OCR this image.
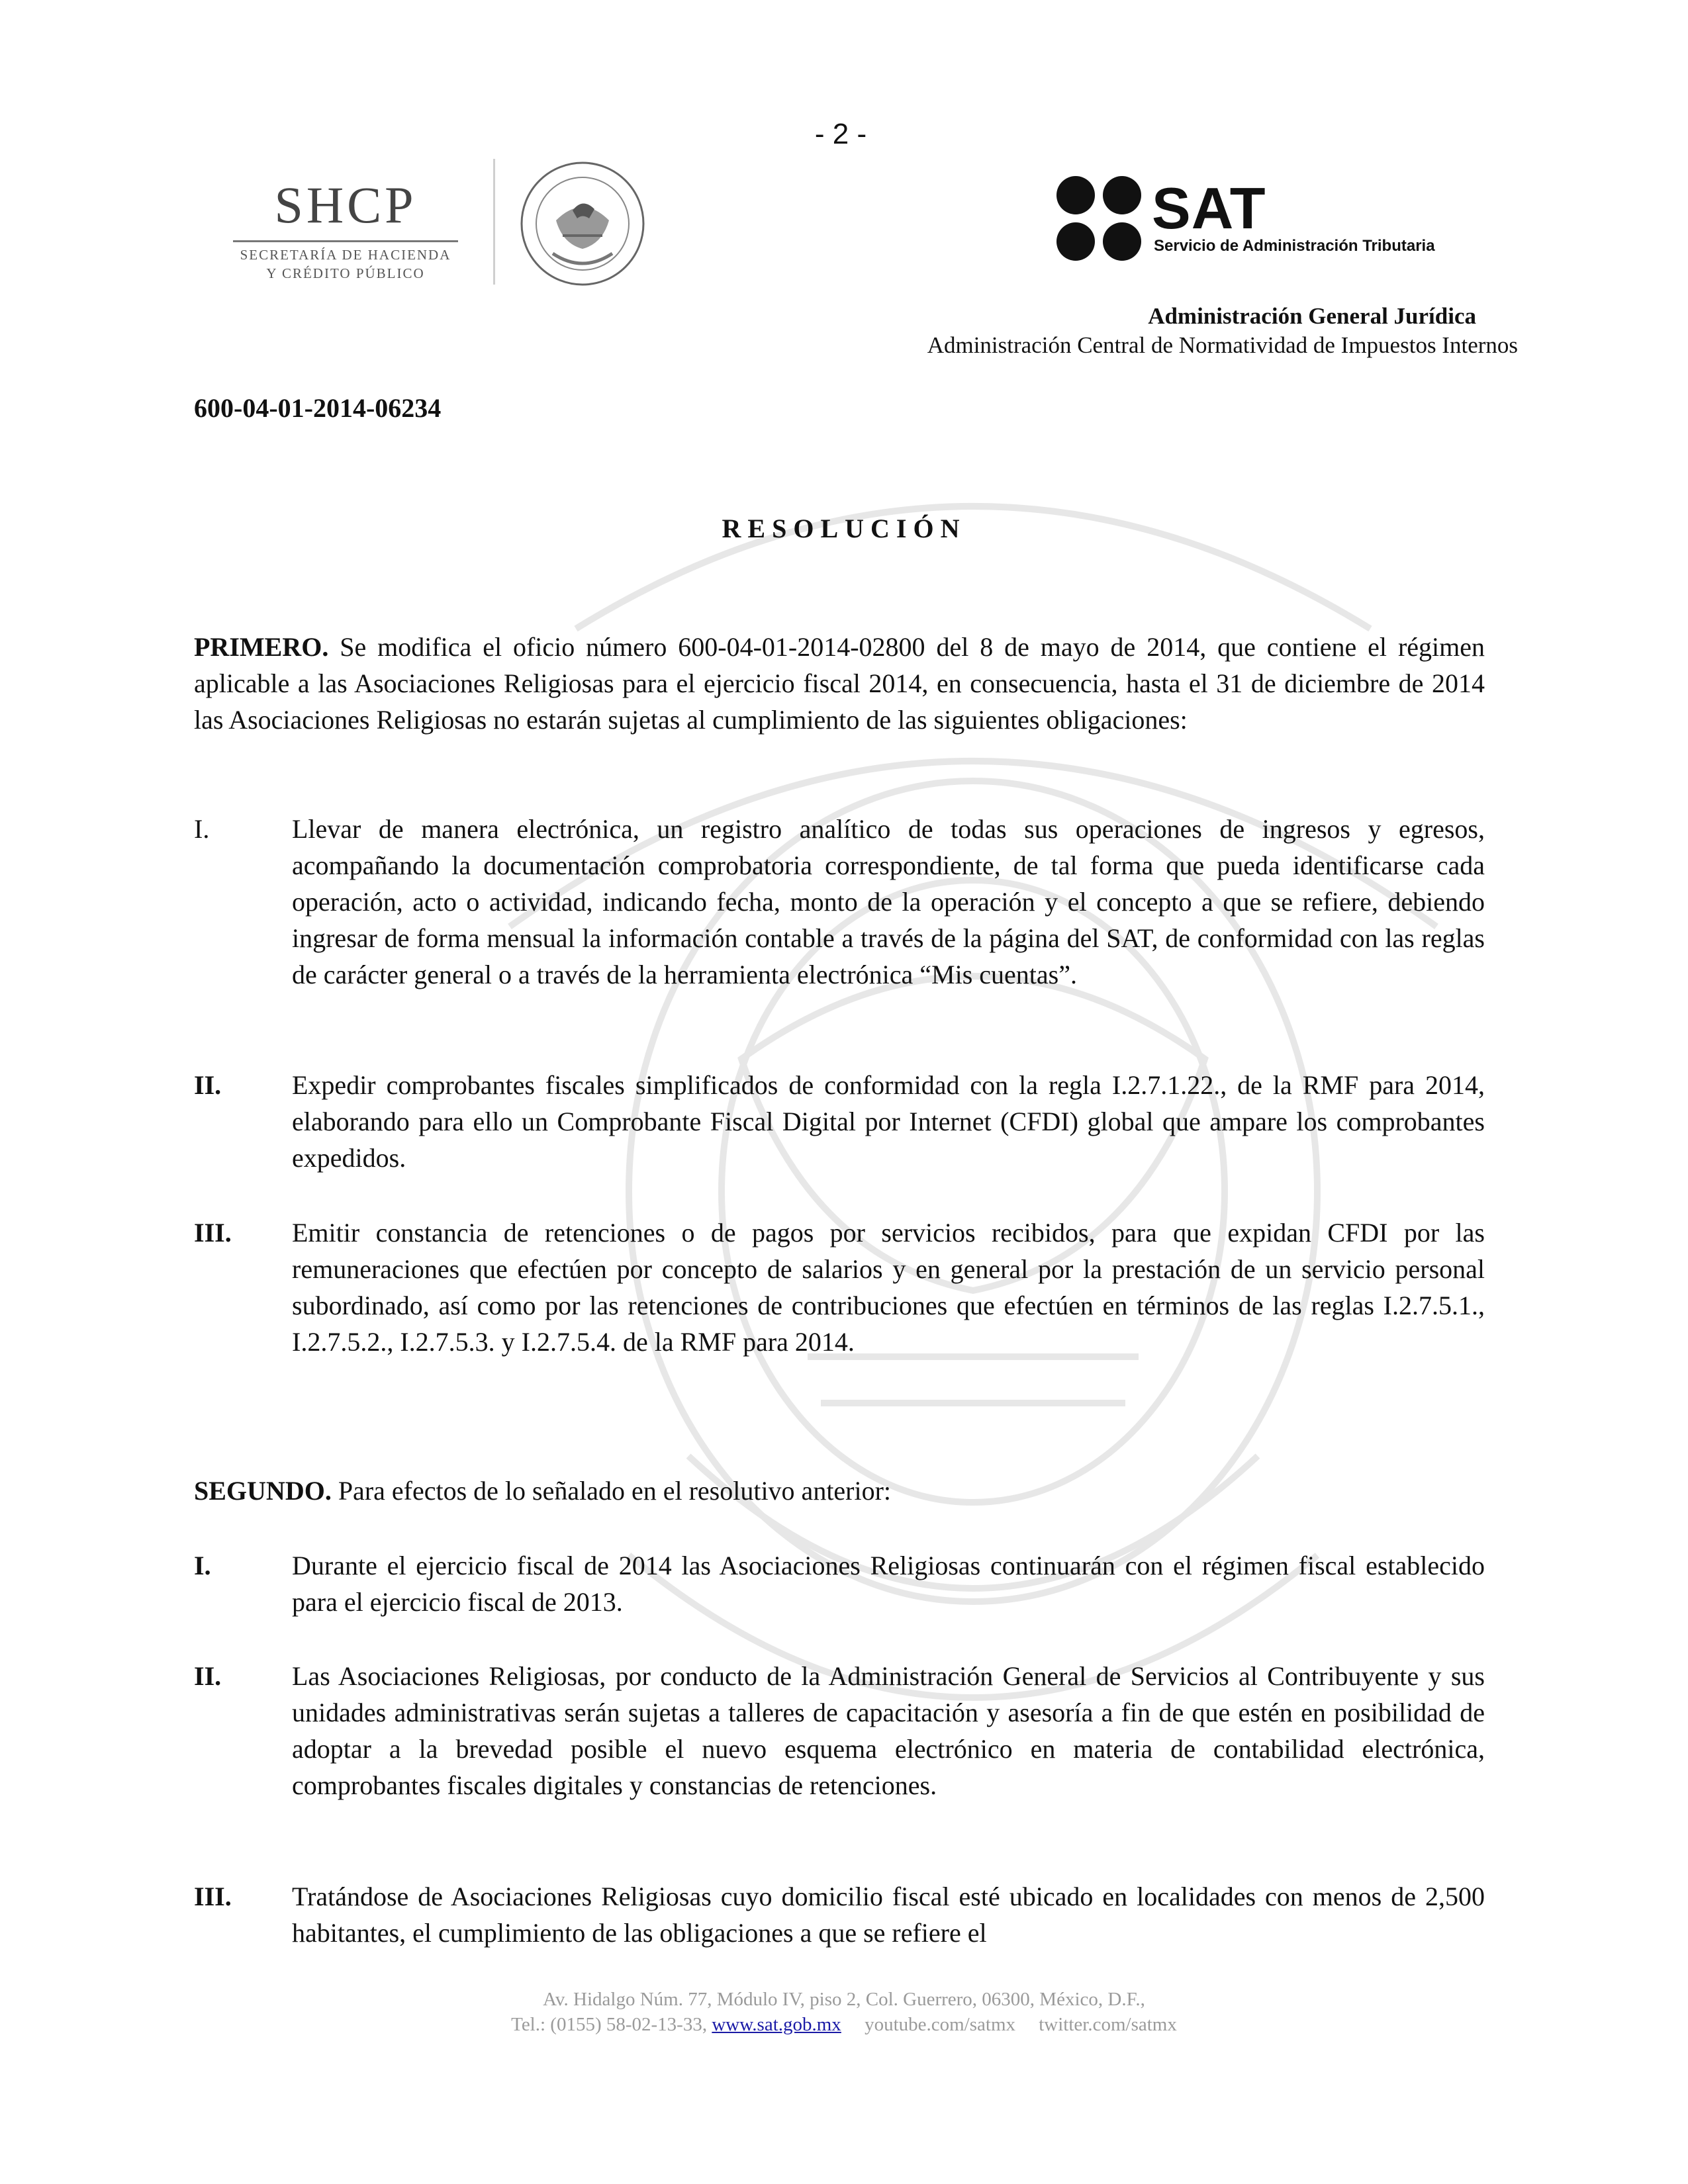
- 2 -
SHCP
SECRETARÍA DE HACIENDA
Y CRÉDITO PÚBLICO
SAT
Servicio de Administración Tributaria
Administración General Jurídica
Administración Central de Normatividad de Impuestos Internos
600-04-01-2014-06234
RESOLUCIÓN
PRIMERO. Se modifica el oficio número 600-04-01-2014-02800 del 8 de mayo de 2014, que contiene el régimen aplicable a las Asociaciones Religiosas para el ejercicio fiscal 2014, en consecuencia, hasta el 31 de diciembre de 2014 las Asociaciones Religiosas no estarán sujetas al cumplimiento de las siguientes obligaciones:
I.	Llevar de manera electrónica, un registro analítico de todas sus operaciones de ingresos y egresos, acompañando la documentación comprobatoria correspondiente, de tal forma que pueda identificarse cada operación, acto o actividad, indicando fecha, monto de la operación y el concepto a que se refiere, debiendo ingresar de forma mensual la información contable a través de la página del SAT, de conformidad con las reglas de carácter general o a través de la herramienta electrónica “Mis cuentas”.
II.	Expedir comprobantes fiscales simplificados de conformidad con la regla I.2.7.1.22., de la RMF para 2014, elaborando para ello un Comprobante Fiscal Digital por Internet (CFDI) global que ampare los comprobantes expedidos.
III.	Emitir constancia de retenciones o de pagos por servicios recibidos, para que expidan CFDI por las remuneraciones que efectúen por concepto de salarios y en general por la prestación de un servicio personal subordinado, así como por las retenciones de contribuciones que efectúen en términos de las reglas I.2.7.5.1., I.2.7.5.2., I.2.7.5.3. y I.2.7.5.4. de la RMF para 2014.
SEGUNDO. Para efectos de lo señalado en el resolutivo anterior:
I.	Durante el ejercicio fiscal de 2014 las Asociaciones Religiosas continuarán con el régimen fiscal establecido para el ejercicio fiscal de 2013.
II.	Las Asociaciones Religiosas, por conducto de la Administración General de Servicios al Contribuyente y sus unidades administrativas serán sujetas a talleres de capacitación y asesoría a fin de que estén en posibilidad de adoptar a la brevedad posible el nuevo esquema electrónico en materia de contabilidad electrónica, comprobantes fiscales digitales y constancias de retenciones.
III.	Tratándose de Asociaciones Religiosas cuyo domicilio fiscal esté ubicado en localidades con menos de 2,500 habitantes, el cumplimiento de las obligaciones a que se refiere el
Av. Hidalgo Núm. 77, Módulo IV, piso 2, Col. Guerrero, 06300, México, D.F.,
Tel.: (0155) 58-02-13-33, www.sat.gob.mx youtube.com/satmx twitter.com/satmx
